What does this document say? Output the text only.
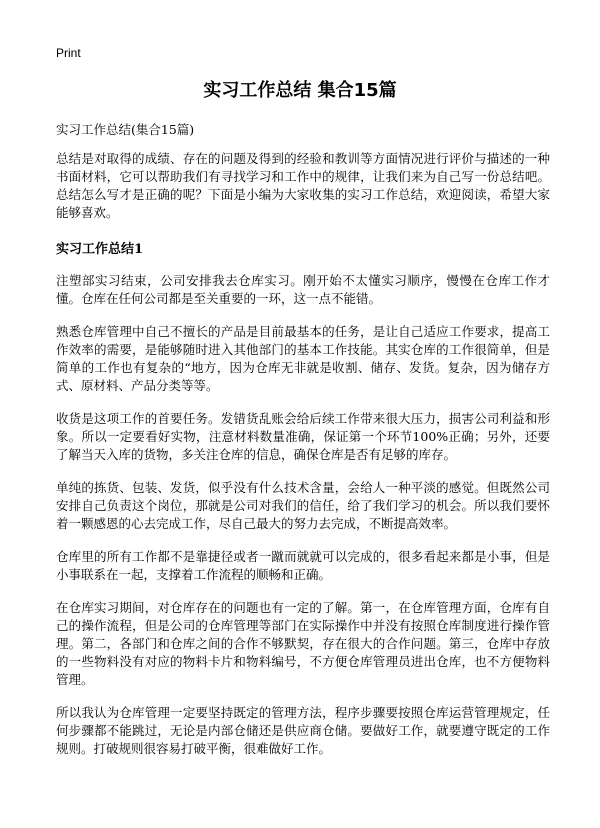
Print
实习工作总结 集合15篇

实习工作总结(集合15篇)

总结是对取得的成绩、存在的问题及得到的经验和教训等方面情况进行评价与描述的一种书面材料，它可以帮助我们有寻找学习和工作中的规律，让我们来为自己写一份总结吧。总结怎么写才是正确的呢？下面是小编为大家收集的实习工作总结，欢迎阅读，希望大家能够喜欢。

实习工作总结1

注塑部实习结束，公司安排我去仓库实习。刚开始不太懂实习顺序，慢慢在仓库工作才懂。仓库在任何公司都是至关重要的一环，这一点不能错。

熟悉仓库管理中自己不擅长的产品是目前最基本的任务，是让自己适应工作要求，提高工作效率的需要，是能够随时进入其他部门的基本工作技能。其实仓库的工作很简单，但是简单的工作也有复杂的“地方，因为仓库无非就是收割、储存、发货。复杂，因为储存方式、原材料、产品分类等等。

收货是这项工作的首要任务。发错货乱账会给后续工作带来很大压力，损害公司利益和形象。所以一定要看好实物，注意材料数量准确，保证第一个环节100%正确；另外，还要了解当天入库的货物，多关注仓库的信息，确保仓库是否有足够的库存。

单纯的拣货、包装、发货，似乎没有什么技术含量，会给人一种平淡的感觉。但既然公司安排自己负责这个岗位，那就是公司对我们的信任，给了我们学习的机会。所以我们要怀着一颗感恩的心去完成工作，尽自己最大的努力去完成，不断提高效率。

仓库里的所有工作都不是靠捷径或者一蹴而就就可以完成的，很多看起来都是小事，但是小事联系在一起，支撑着工作流程的顺畅和正确。

在仓库实习期间，对仓库存在的问题也有一定的了解。第一，在仓库管理方面，仓库有自己的操作流程，但是公司的仓库管理等部门在实际操作中并没有按照仓库制度进行操作管理。第二，各部门和仓库之间的合作不够默契，存在很大的合作问题。第三，仓库中存放的一些物料没有对应的物料卡片和物料编号，不方便仓库管理员进出仓库，也不方便物料管理。

所以我认为仓库管理一定要坚持既定的管理方法，程序步骤要按照仓库运营管理规定，任何步骤都不能跳过，无论是内部仓储还是供应商仓储。要做好工作，就要遵守既定的工作规则。打破规则很容易打破平衡，很难做好工作。
